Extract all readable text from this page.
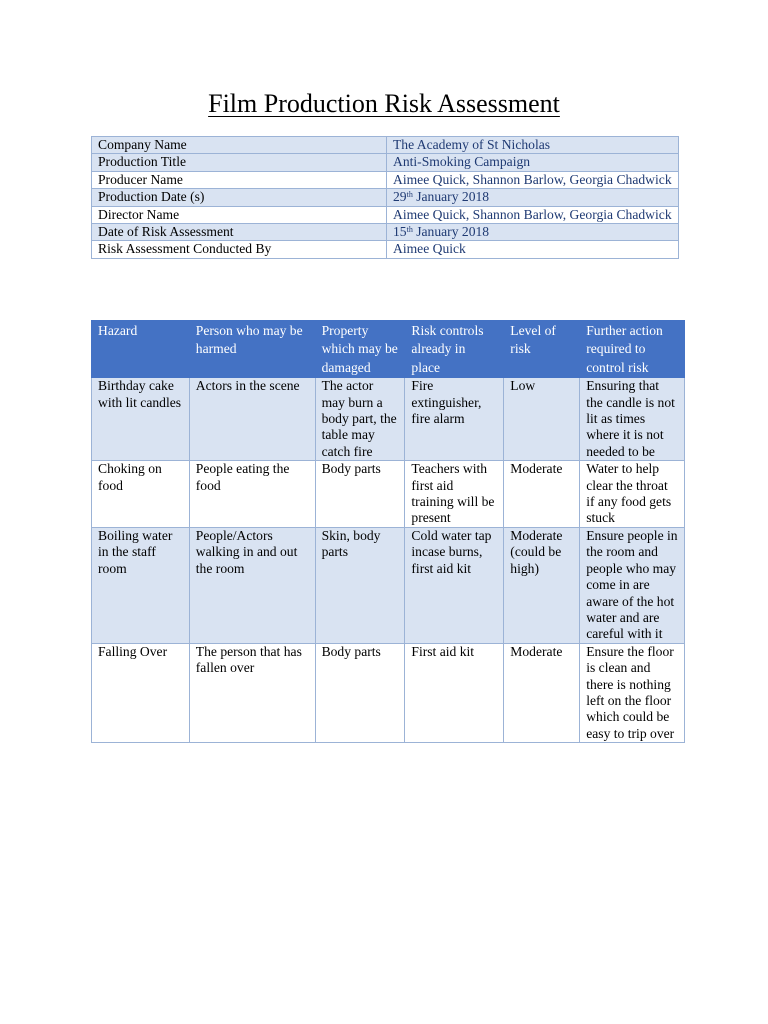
Film Production Risk Assessment
Company Name	The Academy of St Nicholas
Production Title	Anti-Smoking Campaign
Producer Name	Aimee Quick, Shannon Barlow, Georgia Chadwick
Production Date (s)	29th January 2018
Director Name	Aimee Quick, Shannon Barlow, Georgia Chadwick
Date of Risk Assessment	15th January 2018
Risk Assessment Conducted By	Aimee Quick
Hazard	Person who may be harmed	Property which may be damaged	Risk controls already in place	Level of risk	Further action required to control risk
Birthday cake with lit candles	Actors in the scene	The actor may burn a body part, the table may catch fire	Fire extinguisher, fire alarm	Low	Ensuring that the candle is not lit as times where it is not needed to be
Choking on food	People eating the food	Body parts	Teachers with first aid training will be present	Moderate	Water to help clear the throat if any food gets stuck
Boiling water in the staff room	People/Actors walking in and out the room	Skin, body parts	Cold water tap incase burns, first aid kit	Moderate (could be high)	Ensure people in the room and people who may come in are aware of the hot water and are careful with it
Falling Over	The person that has fallen over	Body parts	First aid kit	Moderate	Ensure the floor is clean and there is nothing left on the floor which could be easy to trip over
